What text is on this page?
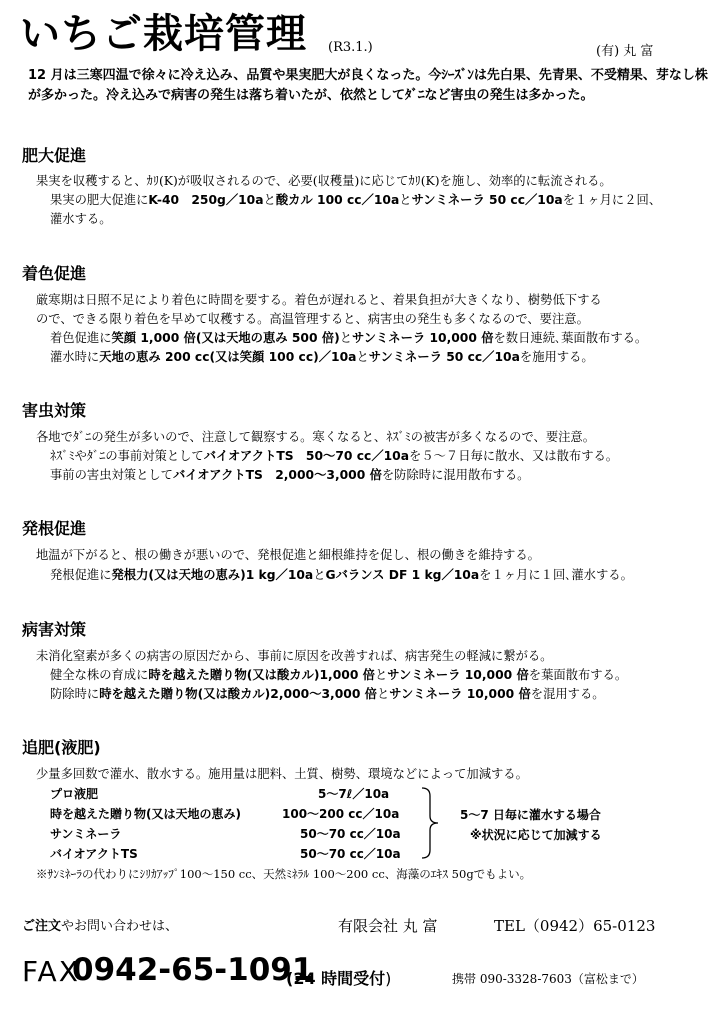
いちご栽培管理 (R3.1.)	(有) 丸 富
12 月は三寒四温で徐々に冷え込み、品質や果実肥大が良くなった。今ｼｰｽﾞﾝは先白果、先青果、不受精果、芽なし株が多かった。冷え込みで病害の発生は落ち着いたが、依然としてﾀﾞﾆなど害虫の発生は多かった。
肥大促進
果実を収穫すると、ｶﾘ(K)が吸収されるので、必要(収穫量)に応じてｶﾘ(K)を施し、効率的に転流される。
果実の肥大促進にK-40　250g／10aと酸カル 100 cc／10aとサンミネーラ 50 cc／10aを１ヶ月に２回、
灌水する。
着色促進
厳寒期は日照不足により着色に時間を要する。着色が遅れると、着果負担が大きくなり、樹勢低下する
ので、できる限り着色を早めて収穫する。高温管理すると、病害虫の発生も多くなるので、要注意。
着色促進に笑顔 1,000 倍(又は天地の恵み 500 倍)とサンミネーラ 10,000 倍を数日連続､葉面散布する。
灌水時に天地の恵み 200 cc(又は笑顔 100 cc)／10aとサンミネーラ 50 cc／10aを施用する。
害虫対策
各地でﾀﾞﾆの発生が多いので、注意して観察する。寒くなると、ﾈｽﾞﾐの被害が多くなるので、要注意。
ﾈｽﾞﾐやﾀﾞﾆの事前対策としてバイオアクトTS　50～70 cc／10aを５～７日毎に散水、又は散布する。
事前の害虫対策としてバイオアクトTS　2,000～3,000 倍を防除時に混用散布する。
発根促進
地温が下がると、根の働きが悪いので、発根促進と細根維持を促し、根の働きを維持する。
発根促進に発根力(又は天地の恵み)1 kg／10aとGバランス DF 1 kg／10aを１ヶ月に１回､灌水する。
病害対策
未消化窒素が多くの病害の原因だから、事前に原因を改善すれば、病害発生の軽減に繋がる。
健全な株の育成に時を越えた贈り物(又は酸カル)1,000 倍とサンミネーラ 10,000 倍を葉面散布する。
防除時に時を越えた贈り物(又は酸カル)2,000～3,000 倍とサンミネーラ 10,000 倍を混用する。
追肥(液肥)
少量多回数で灌水、散水する。施用量は肥料、土質、樹勢、環境などによって加減する。
プロ液肥	5～7ℓ／10a
時を越えた贈り物(又は天地の恵み)	100～200 cc／10a
サンミネーラ	50～70 cc／10a
バイオアクトTS	50～70 cc／10a
5～7 日毎に灌水する場合
※状況に応じて加減する
※ｻﾝﾐﾈｰﾗの代わりにｼﾘｶｱｯﾌﾟ100～150 cc、天然ﾐﾈﾗﾙ 100～200 cc、海藻のｴｷｽ 50gでもよい。
ご注文やお問い合わせは、	有限会社 丸 富	TEL（0942）65-0123
FAX
0942-65-1091
(24 時間受付)	携帯 090-3328-7603（富松まで）
